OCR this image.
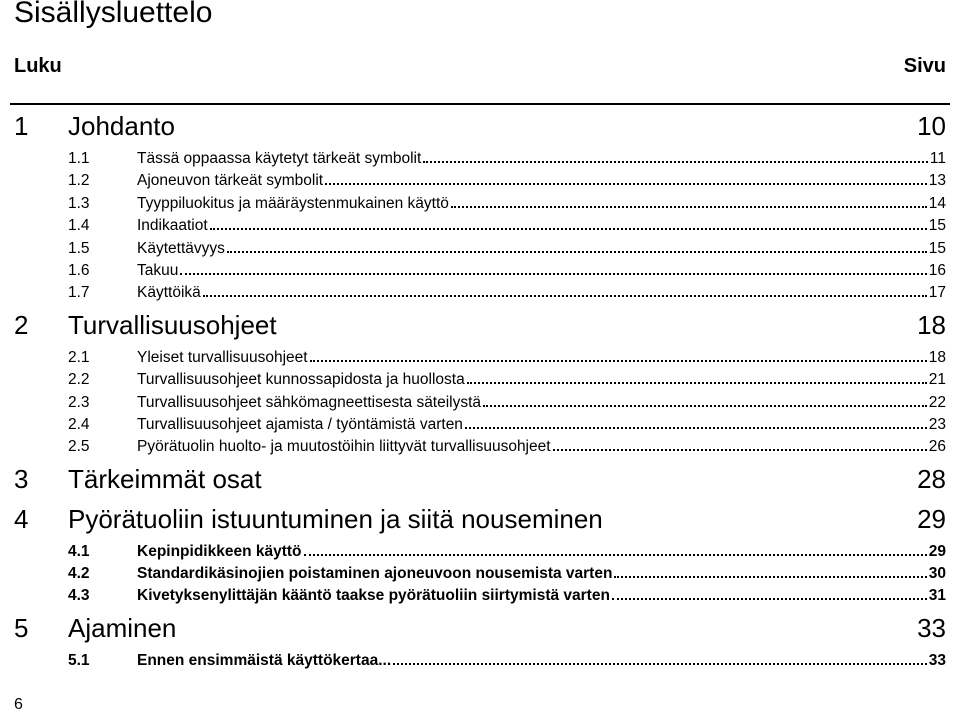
Sisällysluettelo
Luku	Sivu
1 Johdanto	10
1.1	Tässä oppaassa käytetyt tärkeät symbolit	11
1.2	Ajoneuvon tärkeät symbolit	13
1.3	Tyyppiluokitus ja määräystenmukainen käyttö	14
1.4	Indikaatiot	15
1.5	Käytettävyys	15
1.6	Takuu	16
1.7	Käyttöikä	17
2 Turvallisuusohjeet	18
2.1	Yleiset turvallisuusohjeet	18
2.2	Turvallisuusohjeet kunnossapidosta ja huollosta	21
2.3	Turvallisuusohjeet sähkömagneettisesta säteilystä	22
2.4	Turvallisuusohjeet ajamista / työntämistä varten	23
2.5	Pyörätuolin huolto- ja muutostöihin liittyvät turvallisuusohjeet	26
3 Tärkeimmät osat	28
4 Pyörätuoliin istuuntuminen ja siitä nouseminen	29
4.1	Kepinpidikkeen käyttö	29
4.2	Standardikäsinojien poistaminen ajoneuvoon nousemista varten	30
4.3	Kivetyksenylittäjän kääntö taakse pyörätuoliin siirtymistä varten	31
5 Ajaminen	33
5.1	Ennen ensimmäistä käyttökertaa...	33
6
